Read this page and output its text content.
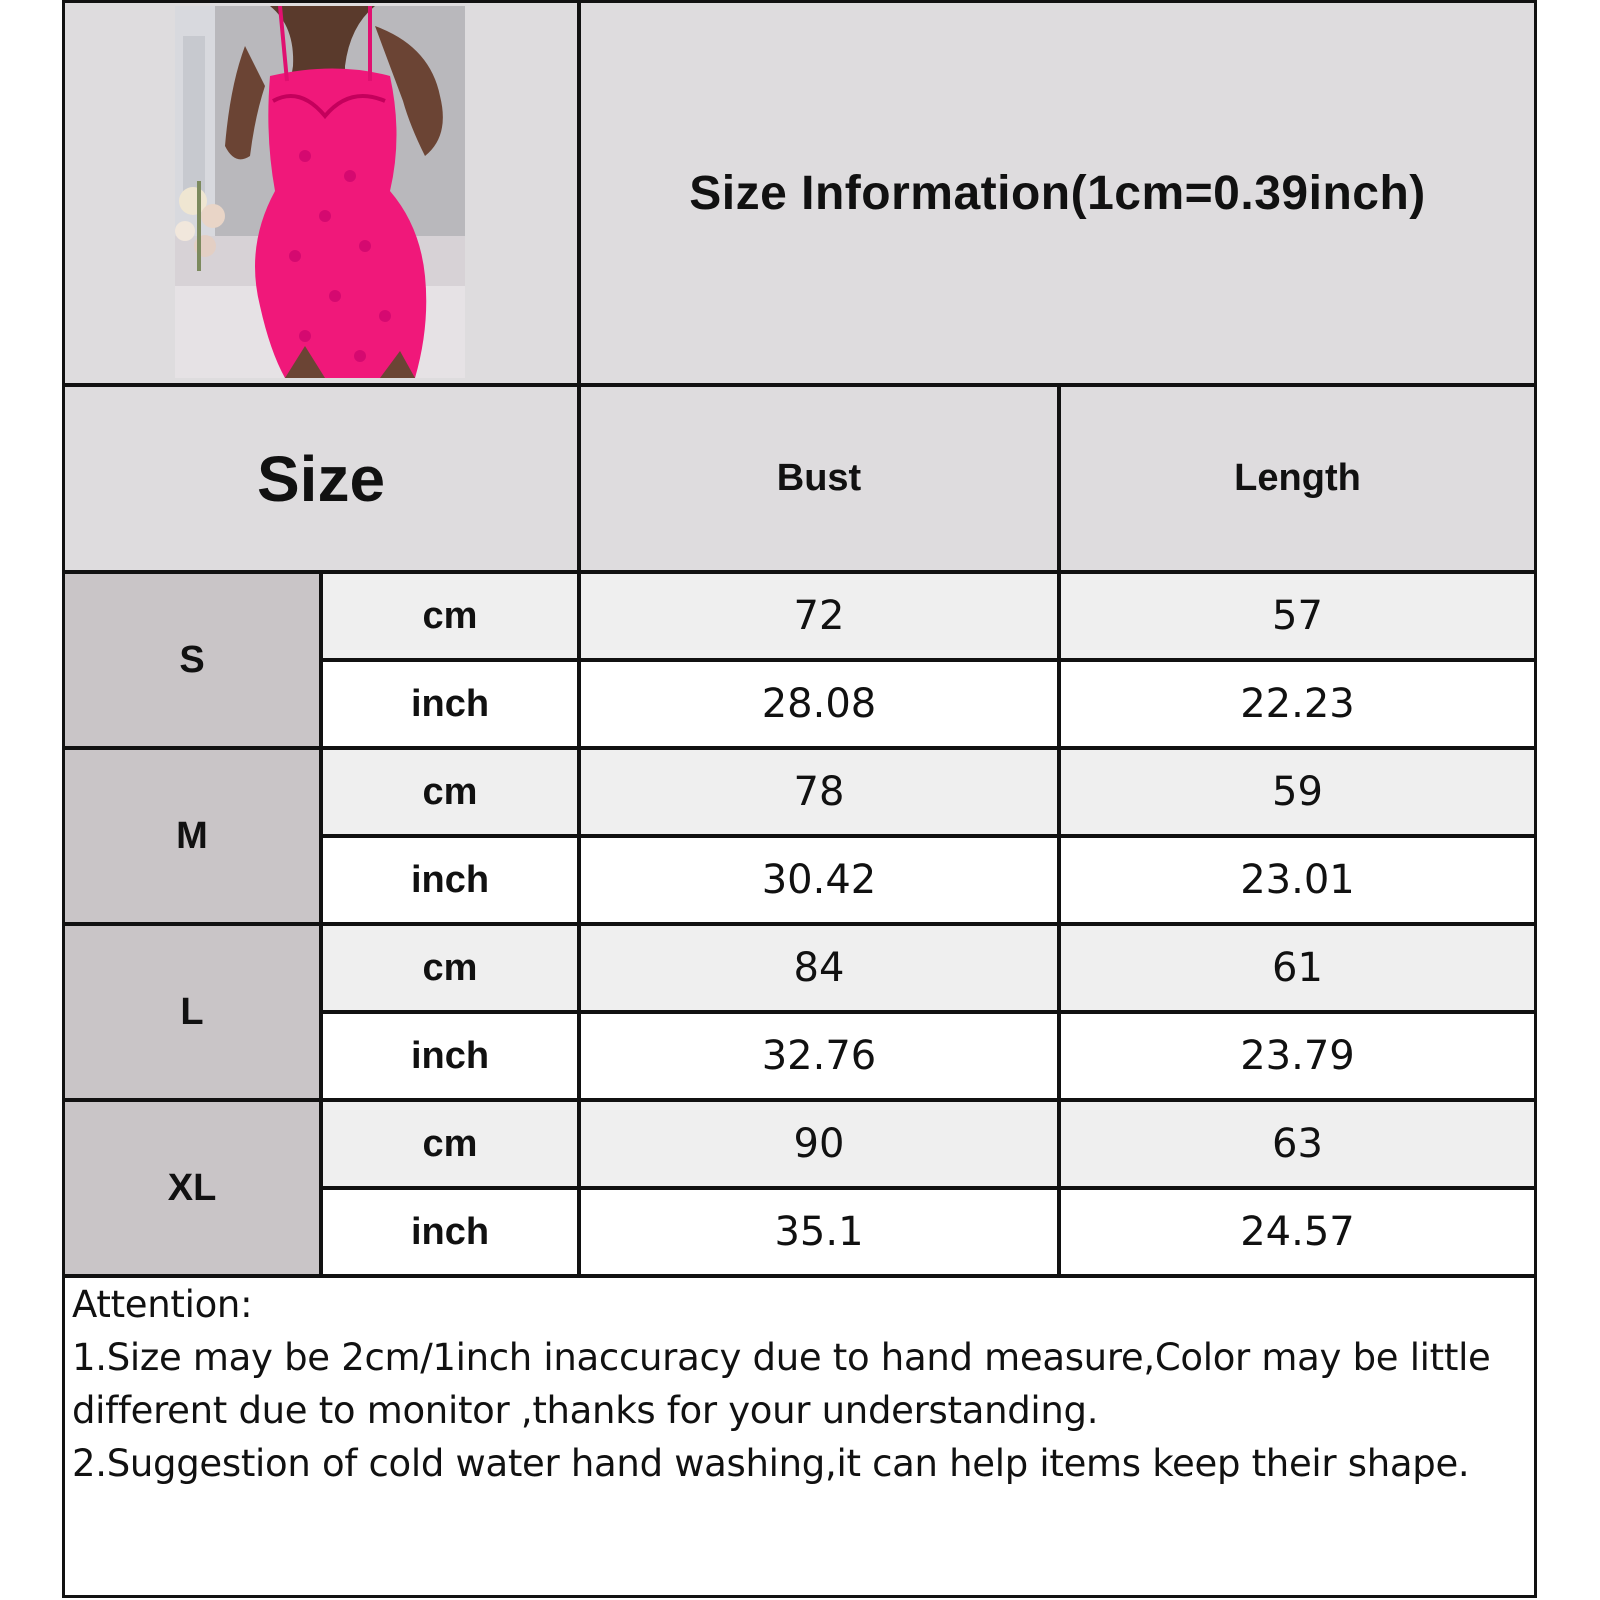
Size Information(1cm=0.39inch)
Size	Bust	Length
S
cm	72	57
inch	28.08	22.23
M
cm	78	59
inch	30.42	23.01
L
cm	84	61
inch	32.76	23.79
XL
cm	90	63
inch	35.1	24.57
Attention:
1.Size may be 2cm/1inch inaccuracy due to hand measure,Color may be little
different due to monitor ,thanks for your understanding.
2.Suggestion of cold water hand washing,it can help items keep their shape.
